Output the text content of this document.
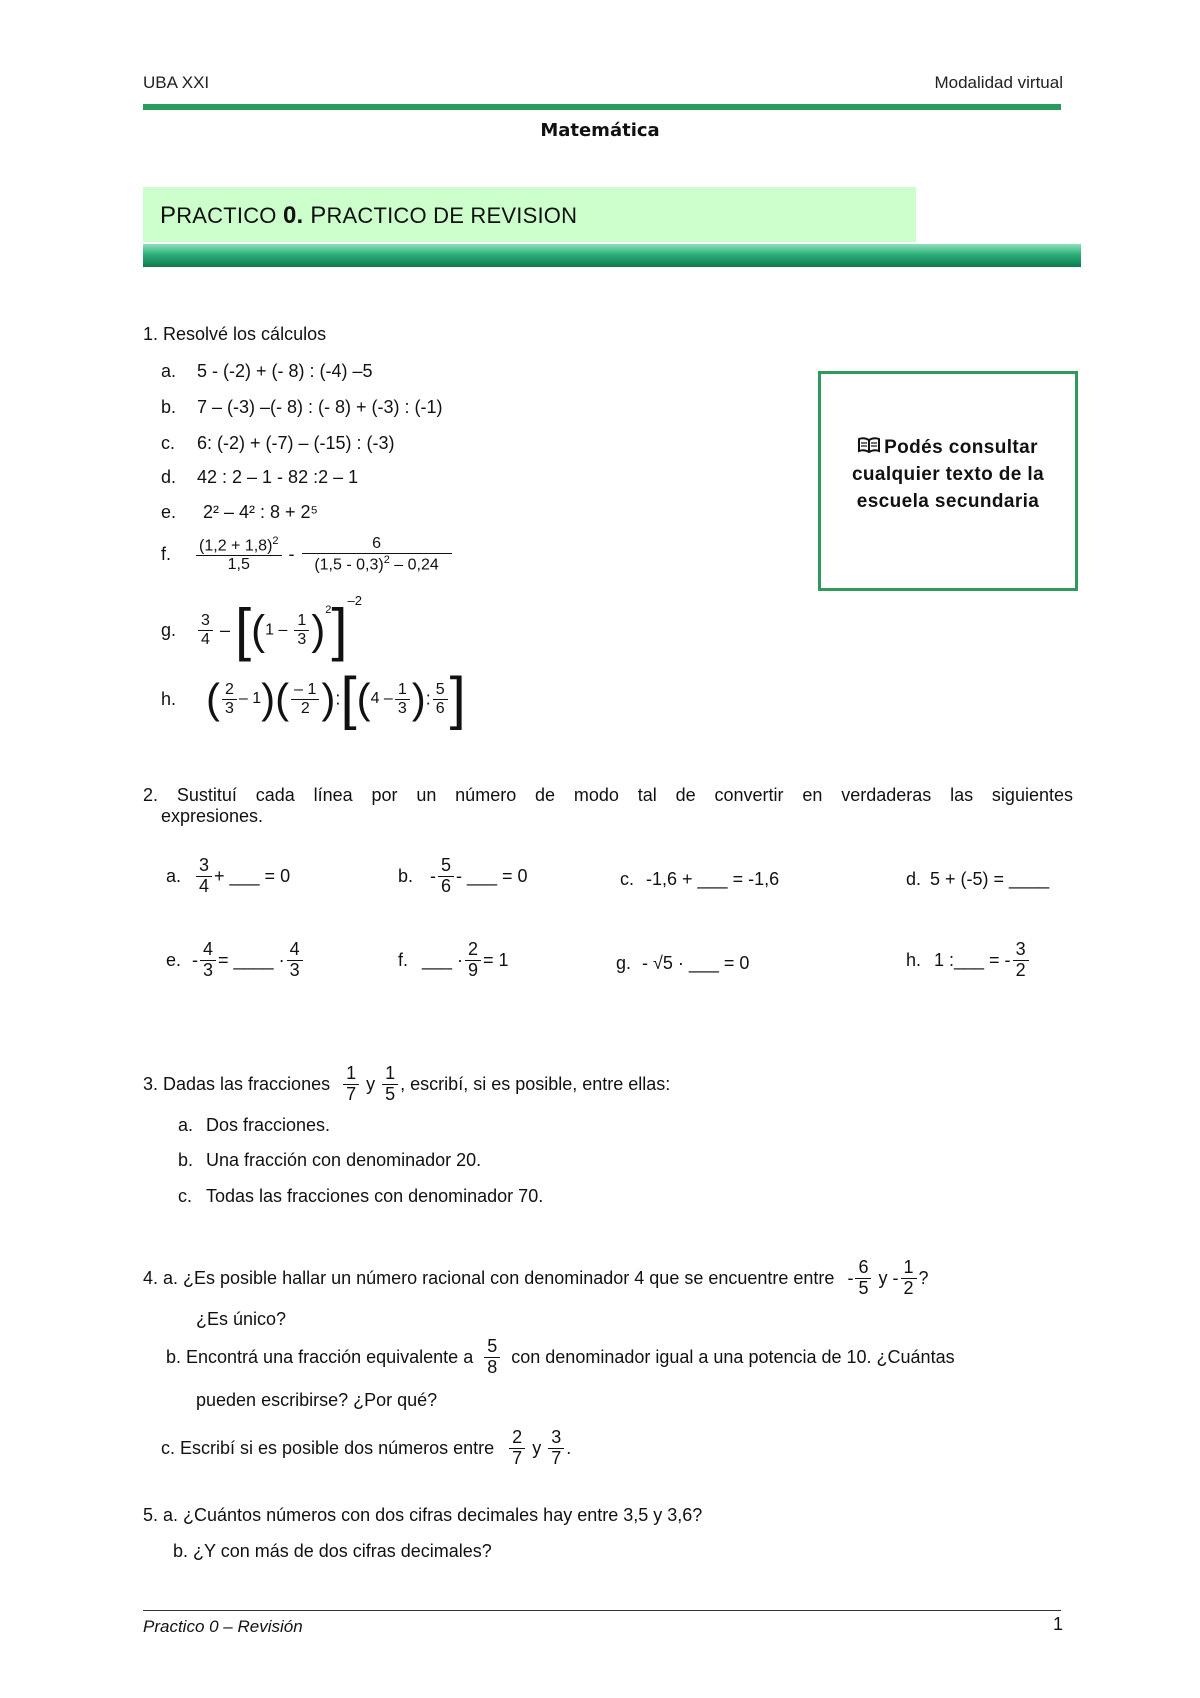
UBA XXI	Modalidad virtual
Matemática
PRACTICO 0. PRACTICO DE REVISION
Podés consultar cualquier texto de la escuela secundaria
1. Resolvé los cálculos
a. 5 - (-2) + (- 8) : (-4) –5
b. 7 – (-3) –(- 8) : (- 8) + (-3) : (-1)
c. 6: (-2) + (-7) – (-15) : (-3)
d. 42 : 2 – 1 - 82 :2 – 1
e. 2² – 4² : 8 + 2⁵
f. $\frac{(1,2 + 1,8)^2}{1,5} - \frac{6}{(1,5 - 0,3)^2 - 0,24}$
g. $\frac{3}{4} - [(1 - \frac{1}{3} )^2]^{-2}$
h. ( $\frac{2}{3} - 1)( \frac{- 1}{2}$ ):[(4 – $\frac{1}{3}$ ): $\frac{5}{6}$ ]
2. Sustituí cada línea por un número de modo tal de convertir en verdaderas las siguientes
expresiones.
a. $\frac{3}{4}$ + ___ = 0	b. - $\frac{5}{6}$ - ___ = 0	c. -1,6 + ___ = -1,6	d. 5 + (-5) = ____
e. - $\frac{4}{3}$ = ____ · $\frac{4}{3}$	f. ___ · $\frac{2}{9} = 1$	g. - √5 · ___ = 0	h. 1 :___ = - $\frac{3}{2}$
3. Dadas las fracciones $\frac{1}{7}$ y $\frac{1}{5}$ , escribí, si es posible, entre ellas:
a. Dos fracciones.
b. Una fracción con denominador 20.
c. Todas las fracciones con denominador 70.
4. a. ¿Es posible hallar un número racional con denominador 4 que se encuentre entre - $\frac{6}{5}$ y - $\frac{1}{2}$ ?
¿Es único?
b. Encontrá una fracción equivalente a $\frac{5}{8}$ con denominador igual a una potencia de 10. ¿Cuántas
pueden escribirse? ¿Por qué?
c. Escribí si es posible dos números entre $\frac{2}{7}$ y $\frac{3}{7}$ .
5. a. ¿Cuántos números con dos cifras decimales hay entre 3,5 y 3,6?
b. ¿Y con más de dos cifras decimales?
Practico 0 – Revisión	1
